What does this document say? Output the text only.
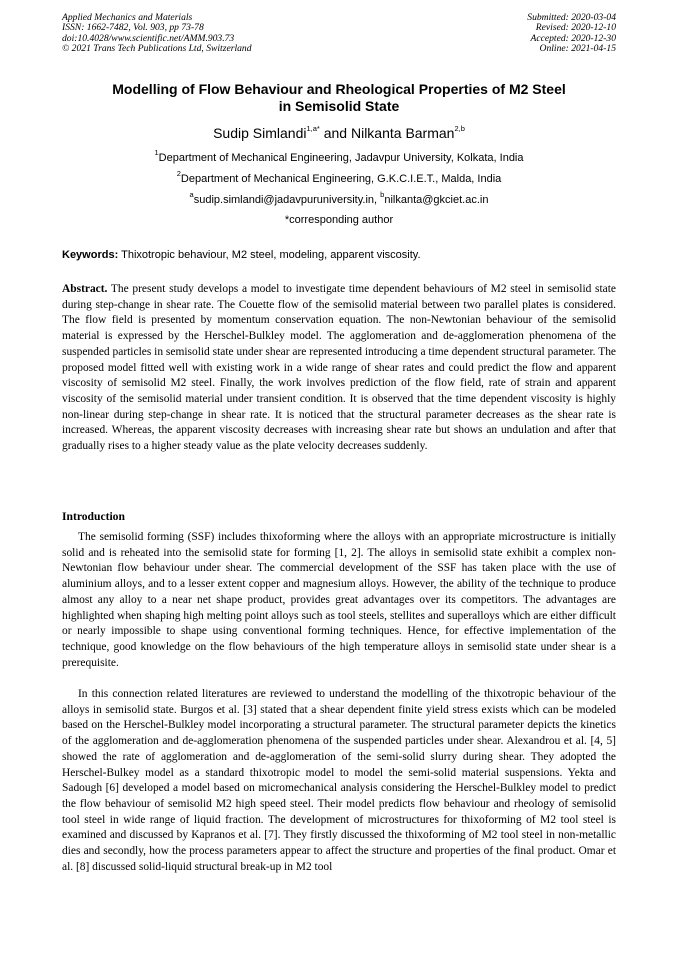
Applied Mechanics and Materials
ISSN: 1662-7482, Vol. 903, pp 73-78
doi:10.4028/www.scientific.net/AMM.903.73
© 2021 Trans Tech Publications Ltd, Switzerland
Submitted: 2020-03-04
Revised: 2020-12-10
Accepted: 2020-12-30
Online: 2021-04-15
Modelling of Flow Behaviour and Rheological Properties of M2 Steel
in Semisolid State
Sudip Simlandi$^{1,a*}$ and Nilkanta Barman$^{2,b}$
$^1$Department of Mechanical Engineering, Jadavpur University, Kolkata, India
$^2$Department of Mechanical Engineering, G.K.C.I.E.T., Malda, India
$^a$sudip.simlandi@jadavpuruniversity.in, $^b$nilkanta@gkciet.ac.in
*corresponding author
Keywords: Thixotropic behaviour, M2 steel, modeling, apparent viscosity.

Abstract. The present study develops a model to investigate time dependent behaviours of M2 steel in semisolid state during step-change in shear rate. The Couette flow of the semisolid material between two parallel plates is considered. The flow field is presented by momentum conservation equation. The non-Newtonian behaviour of the semisolid material is expressed by the Herschel-Bulkley model. The agglomeration and de-agglomeration phenomena of the suspended particles in semisolid state under shear are represented introducing a time dependent structural parameter. The proposed model fitted well with existing work in a wide range of shear rates and could predict the flow and apparent viscosity of semisolid M2 steel. Finally, the work involves prediction of the flow field, rate of strain and apparent viscosity of the semisolid material under transient condition. It is observed that the time dependent viscosity is highly non-linear during step-change in shear rate. It is noticed that the structural parameter decreases as the shear rate is increased. Whereas, the apparent viscosity decreases with increasing shear rate but shows an undulation and after that gradually rises to a higher steady value as the plate velocity decreases suddenly.

Introduction

The semisolid forming (SSF) includes thixoforming where the alloys with an appropriate microstructure is initially solid and is reheated into the semisolid state for forming [1, 2]. The alloys in semisolid state exhibit a complex non-Newtonian flow behaviour under shear. The commercial development of the SSF has taken place with the use of aluminium alloys, and to a lesser extent copper and magnesium alloys. However, the ability of the technique to produce almost any alloy to a near net shape product, provides great advantages over its competitors. The advantages are highlighted when shaping high melting point alloys such as tool steels, stellites and superalloys which are either difficult or nearly impossible to shape using conventional forming techniques. Hence, for effective implementation of the technique, good knowledge on the flow behaviours of the high temperature alloys in semisolid state under shear is a prerequisite.

In this connection related literatures are reviewed to understand the modelling of the thixotropic behaviour of the alloys in semisolid state. Burgos et al. [3] stated that a shear dependent finite yield stress exists which can be modeled based on the Herschel-Bulkley model incorporating a structural parameter. The structural parameter depicts the kinetics of the agglomeration and de-agglomeration phenomena of the suspended particles under shear. Alexandrou et al. [4, 5] showed the rate of agglomeration and de-agglomeration of the semi-solid slurry during shear. They adopted the Herschel-Bulkey model as a standard thixotropic model to model the semi-solid material suspensions. Yekta and Sadough [6] developed a model based on micromechanical analysis considering the Herschel-Bulkley model to predict the flow behaviour of semisolid M2 high speed steel. Their model predicts flow behaviour and rheology of semisolid tool steel in wide range of liquid fraction. The development of microstructures for thixoforming of M2 tool steel is examined and discussed by Kapranos et al. [7]. They firstly discussed the thixoforming of M2 tool steel in non-metallic dies and secondly, how the process parameters appear to affect the structure and properties of the final product. Omar et al. [8] discussed solid-liquid structural break-up in M2 tool
